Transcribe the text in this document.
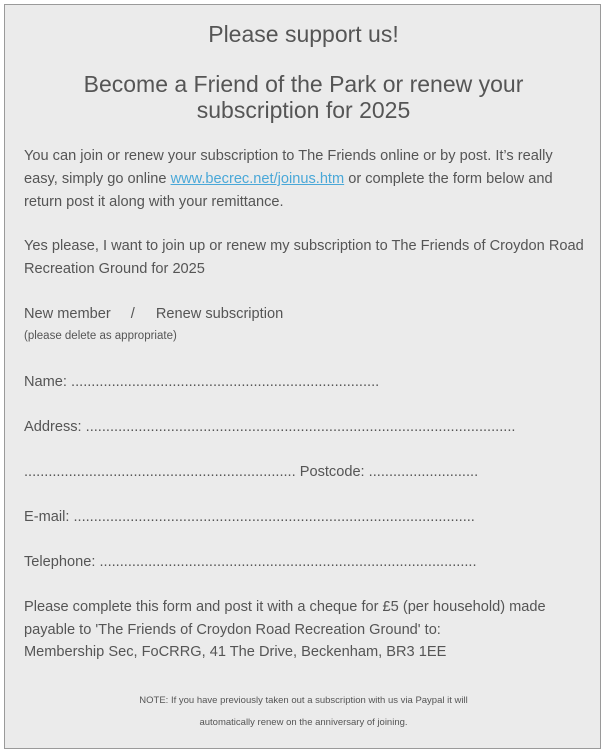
Please support us!
Become a Friend of the Park or renew your
subscription for 2025
You can join or renew your subscription to The Friends online or by post. It’s really easy, simply go online www.becrec.net/joinus.htm or complete the form below and return post it along with your remittance.
Yes please, I want to join up or renew my subscription to The Friends of Croydon Road Recreation Ground for 2025
New member / Renew subscription
(please delete as appropriate)
Name: ............................................................................
Address: ..........................................................................................................
................................................................... Postcode: ...........................
E-mail: ...................................................................................................
Telephone: .............................................................................................
Please complete this form and post it with a cheque for £5 (per household) made
payable to 'The Friends of Croydon Road Recreation Ground' to:
Membership Sec, FoCRRG, 41 The Drive, Beckenham, BR3 1EE
NOTE: If you have previously taken out a subscription with us via Paypal it will
automatically renew on the anniversary of joining.
